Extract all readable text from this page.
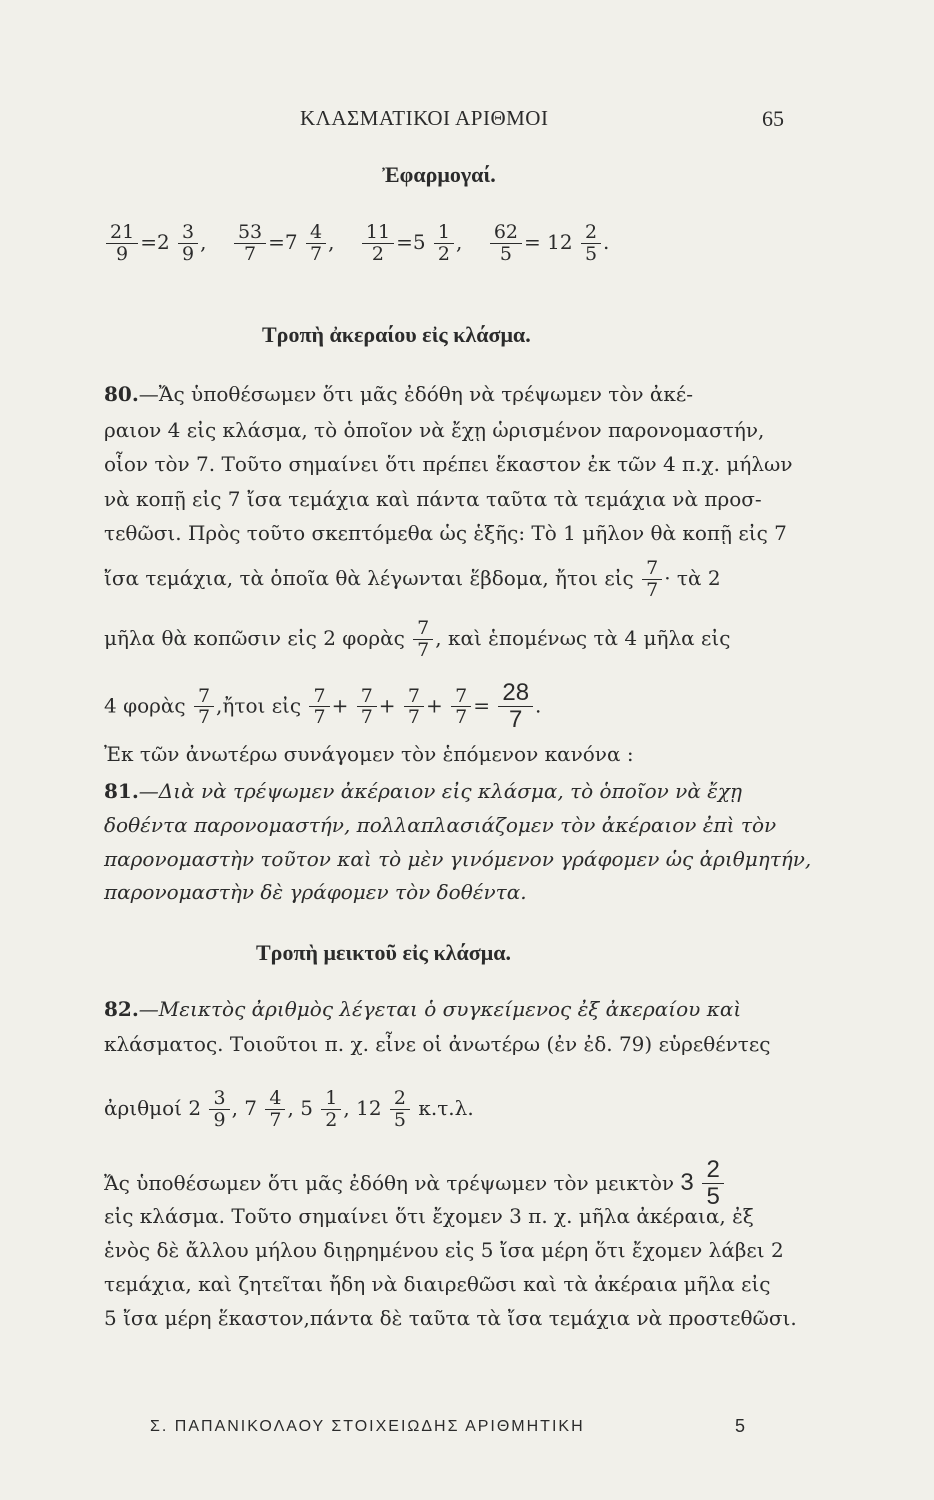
ΚΛΑΣΜΑΤΙΚΟΙ ΑΡΙΘΜΟΙ	65
Ἐφαρμογαί.
$\frac{21}{9} =2 \frac{3}{9}$ , $\frac{53}{7} =7 \frac{4}{7}$ , $\frac{11}{2} =5 \frac{1}{2}$ , $\frac{62}{5} = 12 \frac{2}{5}$ .
Τροπὴ ἀκεραίου εἰς κλάσμα.
80.—Ἄς ὑποθέσωμεν ὅτι μᾶς ἐδόθη νὰ τρέψωμεν τὸν ἀκέ-
ραιον 4 εἰς κλάσμα, τὸ ὁποῖον νὰ ἔχῃ ὡρισμένον παρονομαστήν,
οἷον τὸν 7. Τοῦτο σημαίνει ὅτι πρέπει ἕκαστον ἐκ τῶν 4 π.χ. μήλων
νὰ κοπῇ εἰς 7 ἴσα τεμάχια καὶ πάντα ταῦτα τὰ τεμάχια νὰ προσ-
τεθῶσι. Πρὸς τοῦτο σκεπτόμεθα ὡς ἑξῆς: Τὸ 1 μῆλον θὰ κοπῇ εἰς 7
ἴσα τεμάχια, τὰ ὁποῖα θὰ λέγωνται ἕβδομα, ἤτοι εἰς $\frac{7}{7}$ · τὰ 2
μῆλα θὰ κοπῶσιν εἰς 2 φορὰς $\frac{7}{7}$ , καὶ ἑπομένως τὰ 4 μῆλα εἰς
4 φορὰς $\frac{7}{7}$ ,ἤτοι εἰς $\frac{7}{7} + \frac{7}{7} + \frac{7}{7} + \frac{7}{7} = \frac{28}{7}$ .
Ἐκ τῶν ἀνωτέρω συνάγομεν τὸν ἑπόμενον κανόνα :
81.—Διὰ νὰ τρέψωμεν ἀκέραιον εἰς κλάσμα, τὸ ὁποῖον νὰ ἔχῃ
δοθέντα παρονομαστήν, πολλαπλασιάζομεν τὸν ἀκέραιον ἐπὶ τὸν
παρονομαστὴν τοῦτον καὶ τὸ μὲν γινόμενον γράφομεν ὡς ἀριθμητήν,
παρονομαστὴν δὲ γράφομεν τὸν δοθέντα.
Τροπὴ μεικτοῦ εἰς κλάσμα.
82.—Μεικτὸς ἀριθμὸς λέγεται ὁ συγκείμενος ἐξ ἀκεραίου καὶ
κλάσματος. Τοιοῦτοι π. χ. εἶνε οἱ ἀνωτέρω (ἐν ἐδ. 79) εὑρεθέντες
ἀριθμοί $2 \frac{3}{9}$ , $7 \frac{4}{7}$ , $5 \frac{1}{2}$ , $12 \frac{2}{5} \kappa.\tau.\lambda$.
Ἄς ὑποθέσωμεν ὅτι μᾶς ἐδόθη νὰ τρέψωμεν τὸν μεικτὸν $3 \frac{2}{5}$
εἰς κλάσμα. Τοῦτο σημαίνει ὅτι ἔχομεν 3 π. χ. μῆλα ἀκέραια, ἐξ
ἑνὸς δὲ ἄλλου μήλου διῃρημένου εἰς 5 ἴσα μέρη ὅτι ἔχομεν λάβει 2
τεμάχια, καὶ ζητεῖται ἤδη νὰ διαιρεθῶσι καὶ τὰ ἀκέραια μῆλα εἰς
5 ἴσα μέρη ἕκαστον,πάντα δὲ ταῦτα τὰ ἴσα τεμάχια νὰ προστεθῶσι.
Σ. ΠΑΠΑΝΙΚΟΛΑΟΥ ΣΤΟΙΧΕΙΩΔΗΣ ΑΡΙΘΜΗΤΙΚΗ	5
